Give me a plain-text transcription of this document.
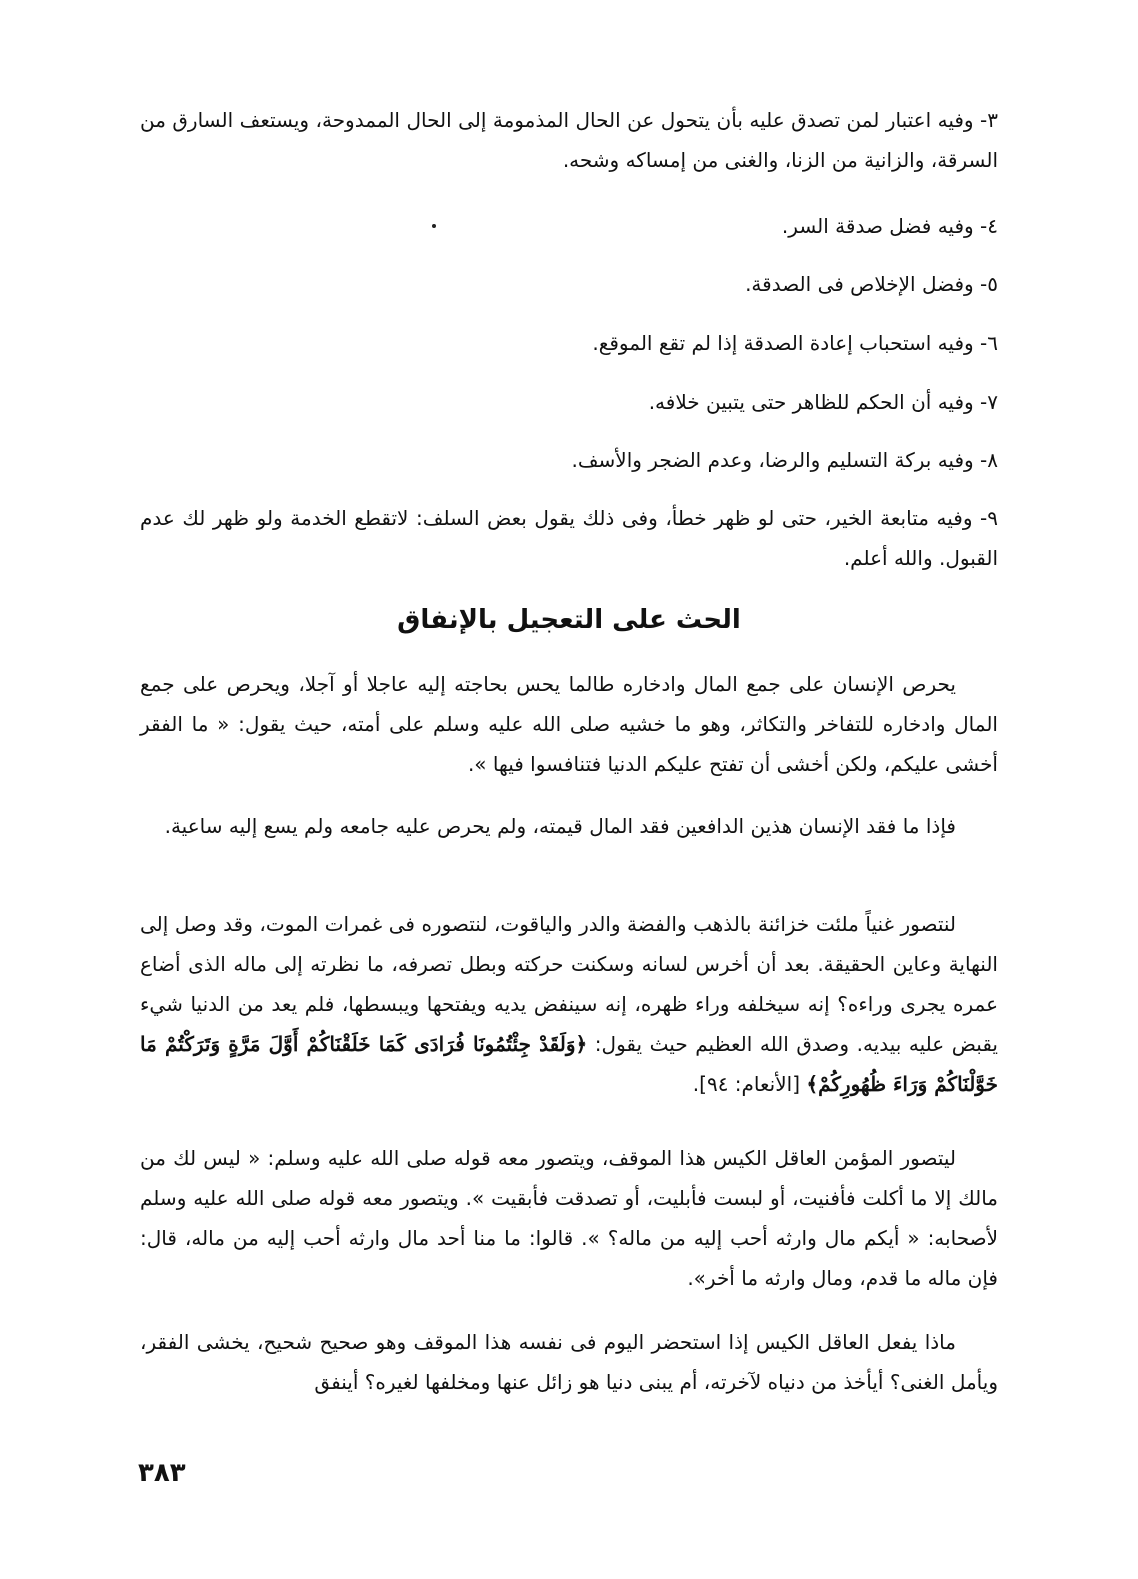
٣- وفيه اعتبار لمن تصدق عليه بأن يتحول عن الحال المذمومة إلى الحال الممدوحة، ويستعف السارق من السرقة، والزانية من الزنا، والغنى من إمساكه وشحه.
٤- وفيه فضل صدقة السر.
٥- وفضل الإخلاص فى الصدقة.
٦- وفيه استحباب إعادة الصدقة إذا لم تقع الموقع.
٧- وفيه أن الحكم للظاهر حتى يتبين خلافه.
٨- وفيه بركة التسليم والرضا، وعدم الضجر والأسف.
٩- وفيه متابعة الخير، حتى لو ظهر خطأ، وفى ذلك يقول بعض السلف: لاتقطع الخدمة ولو ظهر لك عدم القبول. والله أعلم.
الحث على التعجيل بالإنفاق

يحرص الإنسان على جمع المال وادخاره طالما يحس بحاجته إليه عاجلا أو آجلا، ويحرص على جمع المال وادخاره للتفاخر والتكاثر، وهو ما خشيه صلى الله عليه وسلم على أمته، حيث يقول: « ما الفقر أخشى عليكم، ولكن أخشى أن تفتح عليكم الدنيا فتنافسوا فيها ».

فإذا ما فقد الإنسان هذين الدافعين فقد المال قيمته، ولم يحرص عليه جامعه ولم يسع إليه ساعية.

لنتصور غنياً ملئت خزائنة بالذهب والفضة والدر والياقوت، لنتصوره فى غمرات الموت، وقد وصل إلى النهاية وعاين الحقيقة. بعد أن أخرس لسانه وسكنت حركته وبطل تصرفه، ما نظرته إلى ماله الذى أضاع عمره يجرى وراءه؟ إنه سيخلفه وراء ظهره، إنه سينفض يديه ويفتحها ويبسطها، فلم يعد من الدنيا شيء يقبض عليه بيديه. وصدق الله العظيم حيث يقول: ﴿وَلَقَدْ جِئْتُمُونَا فُرَادَى كَمَا خَلَقْنَاكُمْ أَوَّلَ مَرَّةٍ وَتَرَكْتُمْ مَا خَوَّلْنَاكُمْ وَرَاءَ ظُهُورِكُمْ﴾ [الأنعام: ٩٤].

ليتصور المؤمن العاقل الكيس هذا الموقف، ويتصور معه قوله صلى الله عليه وسلم: « ليس لك من مالك إلا ما أكلت فأفنيت، أو لبست فأبليت، أو تصدقت فأبقيت ». ويتصور معه قوله صلى الله عليه وسلم لأصحابه: « أيكم مال وارثه أحب إليه من ماله؟ ». قالوا: ما منا أحد مال وارثه أحب إليه من ماله، قال: فإن ماله ما قدم، ومال وارثه ما أخر».

ماذا يفعل العاقل الكيس إذا استحضر اليوم فى نفسه هذا الموقف وهو صحيح شحيح، يخشى الفقر، ويأمل الغنى؟ أيأخذ من دنياه لآخرته، أم يبنى دنيا هو زائل عنها ومخلفها لغيره؟ أينفق

٣٨٣
